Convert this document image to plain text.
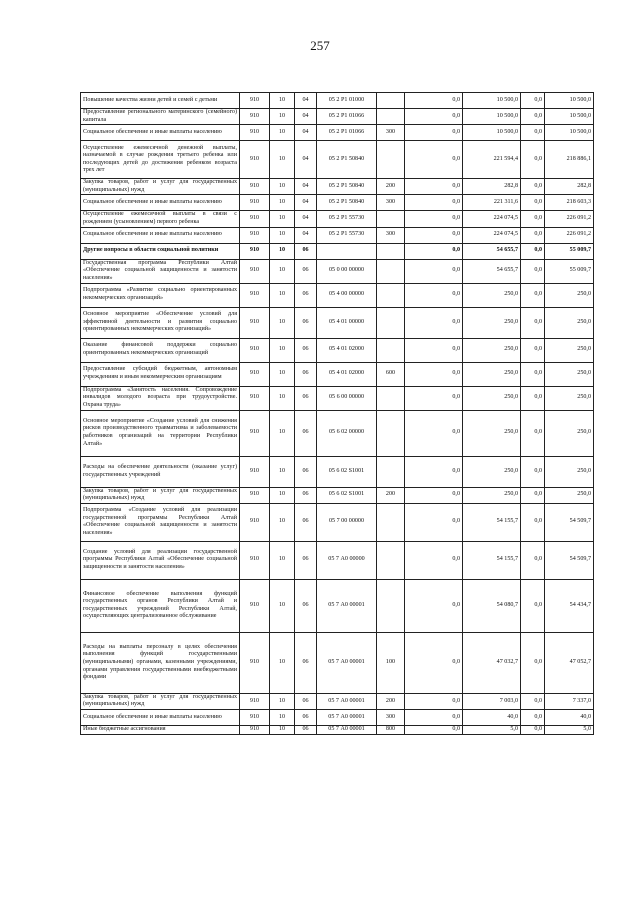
257
Повышение качества жизни детей и семей с детьми	910	10	04	05 2 Р1 01000		0,0	10 500,0	0,0	10 500,0
Предоставление регионального материнского (семейного) капитала	910	10	04	05 2 Р1 01066		0,0	10 500,0	0,0	10 500,0
Социальное обеспечение и иные выплаты населению	910	10	04	05 2 Р1 01066	300	0,0	10 500,0	0,0	10 500,0
Осуществление ежемесячной денежной выплаты, назначаемой в случае рождения третьего ребенка или последующих детей до достижения ребенком возраста трех лет	910	10	04	05 2 Р1 50840		0,0	221 594,4	0,0	218 886,1
Закупка товаров, работ и услуг для государственных (муниципальных) нужд	910	10	04	05 2 Р1 50840	200	0,0	282,8	0,0	282,8
Социальное обеспечение и иные выплаты населению	910	10	04	05 2 Р1 50840	300	0,0	221 311,6	0,0	218 603,3
Осуществление ежемесячной выплаты в связи с рождением (усыновлением) первого ребенка	910	10	04	05 2 Р1 55730		0,0	224 074,5	0,0	226 091,2
Социальное обеспечение и иные выплаты населению	910	10	04	05 2 Р1 55730	300	0,0	224 074,5	0,0	226 091,2
Другие вопросы в области социальной политики	910	10	06			0,0	54 655,7	0,0	55 009,7
Государственная программа Республики Алтай «Обеспечение социальной защищенности и занятости населения»	910	10	06	05 0 00 00000		0,0	54 655,7	0,0	55 009,7
Подпрограмма «Развитие социально ориентированных некоммерческих организаций»	910	10	06	05 4 00 00000		0,0	250,0	0,0	250,0
Основное мероприятие «Обеспечение условий для эффективной деятельности и развития социально ориентированных некоммерческих организаций»	910	10	06	05 4 01 00000		0,0	250,0	0,0	250,0
Оказание финансовой поддержки социально ориентированных некоммерческих организаций	910	10	06	05 4 01 02000		0,0	250,0	0,0	250,0
Предоставление субсидий бюджетным, автономным учреждениям и иным некоммерческим организациям	910	10	06	05 4 01 02000	600	0,0	250,0	0,0	250,0
Подпрограмма «Занятость населения. Сопровождение инвалидов молодого возраста при трудоустройстве. Охрана труда»	910	10	06	05 6 00 00000		0,0	250,0	0,0	250,0
Основное мероприятие «Создание условий для снижения рисков производственного травматизма и заболеваемости работников организаций на территории Республики Алтай»	910	10	06	05 6 02 00000		0,0	250,0	0,0	250,0
Расходы на обеспечение деятельности (оказание услуг) государственных учреждений	910	10	06	05 6 02 S1001		0,0	250,0	0,0	250,0
Закупка товаров, работ и услуг для государственных (муниципальных) нужд	910	10	06	05 6 02 S1001	200	0,0	250,0	0,0	250,0
Подпрограмма «Создание условий для реализации государственной программы Республики Алтай «Обеспечение социальной защищенности и занятости населения»	910	10	06	05 7 00 00000		0,0	54 155,7	0,0	54 509,7
Создание условий для реализации государственной программы Республики Алтай «Обеспечение социальной защищенности и занятости населения»	910	10	06	05 7 А0 00000		0,0	54 155,7	0,0	54 509,7
Финансовое обеспечение выполнения функций государственных органов Республики Алтай и государственных учреждений Республики Алтай, осуществляющих централизованное обслуживание	910	10	06	05 7 А0 00001		0,0	54 080,7	0,0	54 434,7
Расходы на выплаты персоналу в целях обеспечения выполнения функций государственными (муниципальными) органами, казенными учреждениями, органами управления государственными внебюджетными фондами	910	10	06	05 7 А0 00001	100	0,0	47 032,7	0,0	47 052,7
Закупка товаров, работ и услуг для государственных (муниципальных) нужд	910	10	06	05 7 А0 00001	200	0,0	7 003,0	0,0	7 337,0
Социальное обеспечение и иные выплаты населению	910	10	06	05 7 А0 00001	300	0,0	40,0	0,0	40,0
Иные бюджетные ассигнования	910	10	06	05 7 А0 00001	800	0,0	5,0	0,0	5,0
